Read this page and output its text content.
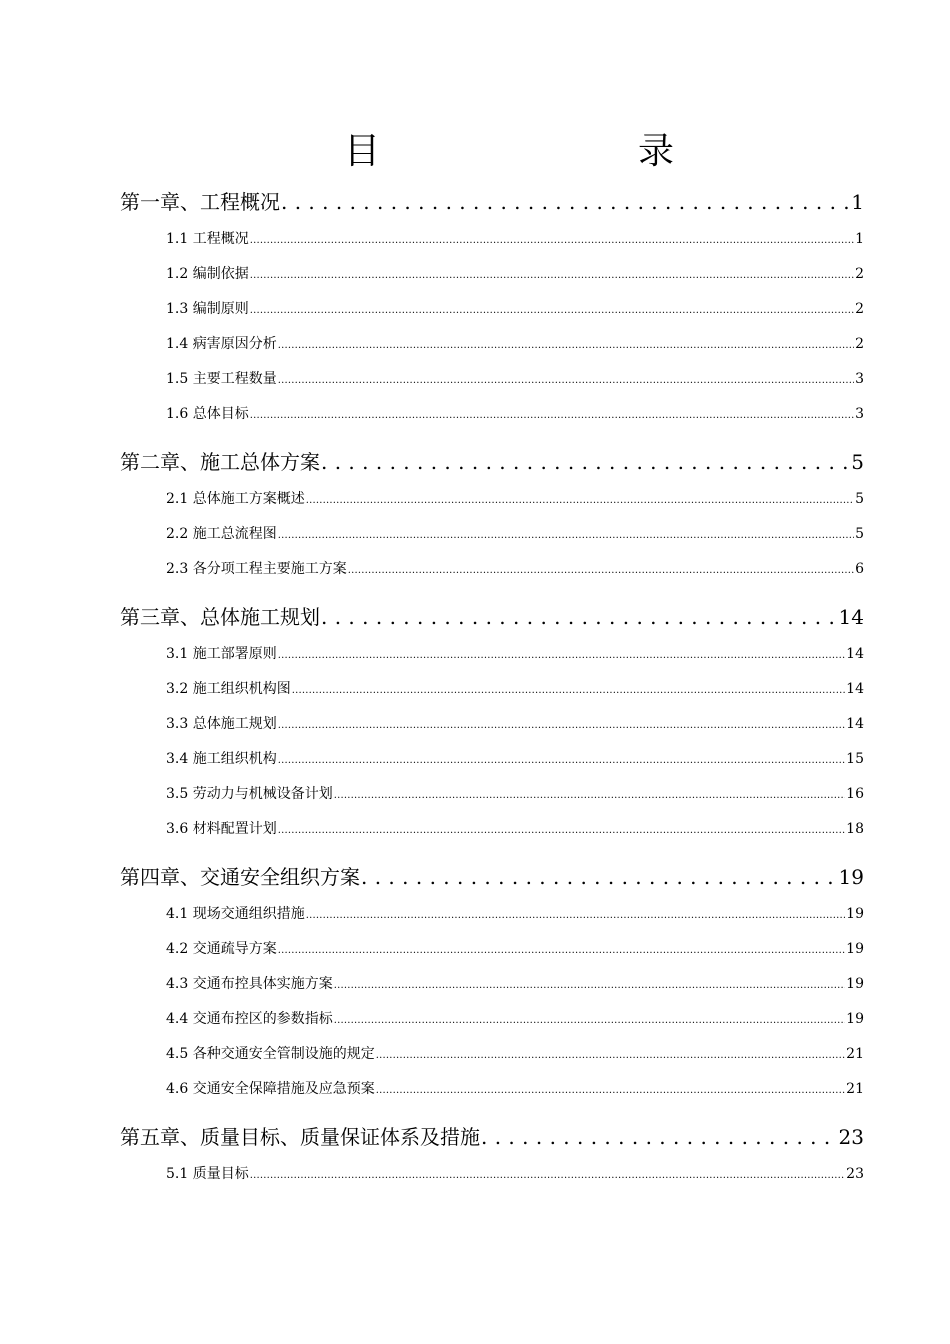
目　　录
第一章、工程概况 . . .	1
1.1 工程概况 .....	1
1.2 编制依据 .....	2
1.3 编制原则 .....	2
1.4 病害原因分析 .....	2
1.5 主要工程数量 .....	3
1.6 总体目标 .....	3
第二章、施工总体方案 . . .	5
2.1 总体施工方案概述 .....	5
2.2 施工总流程图 .....	5
2.3 各分项工程主要施工方案 .....	6
第三章、总体施工规划 . . .	14
3.1 施工部署原则 .....	14
3.2 施工组织机构图 .....	14
3.3 总体施工规划 .....	14
3.4 施工组织机构 .....	15
3.5 劳动力与机械设备计划 .....	16
3.6 材料配置计划 .....	18
第四章、交通安全组织方案 . . .	19
4.1 现场交通组织措施 .....	19
4.2 交通疏导方案 .....	19
4.3 交通布控具体实施方案 .....	19
4.4 交通布控区的参数指标 .....	19
4.5 各种交通安全管制设施的规定 .....	21
4.6 交通安全保障措施及应急预案 .....	21
第五章、质量目标、质量保证体系及措施 . . .	23
5.1 质量目标 .....	23
